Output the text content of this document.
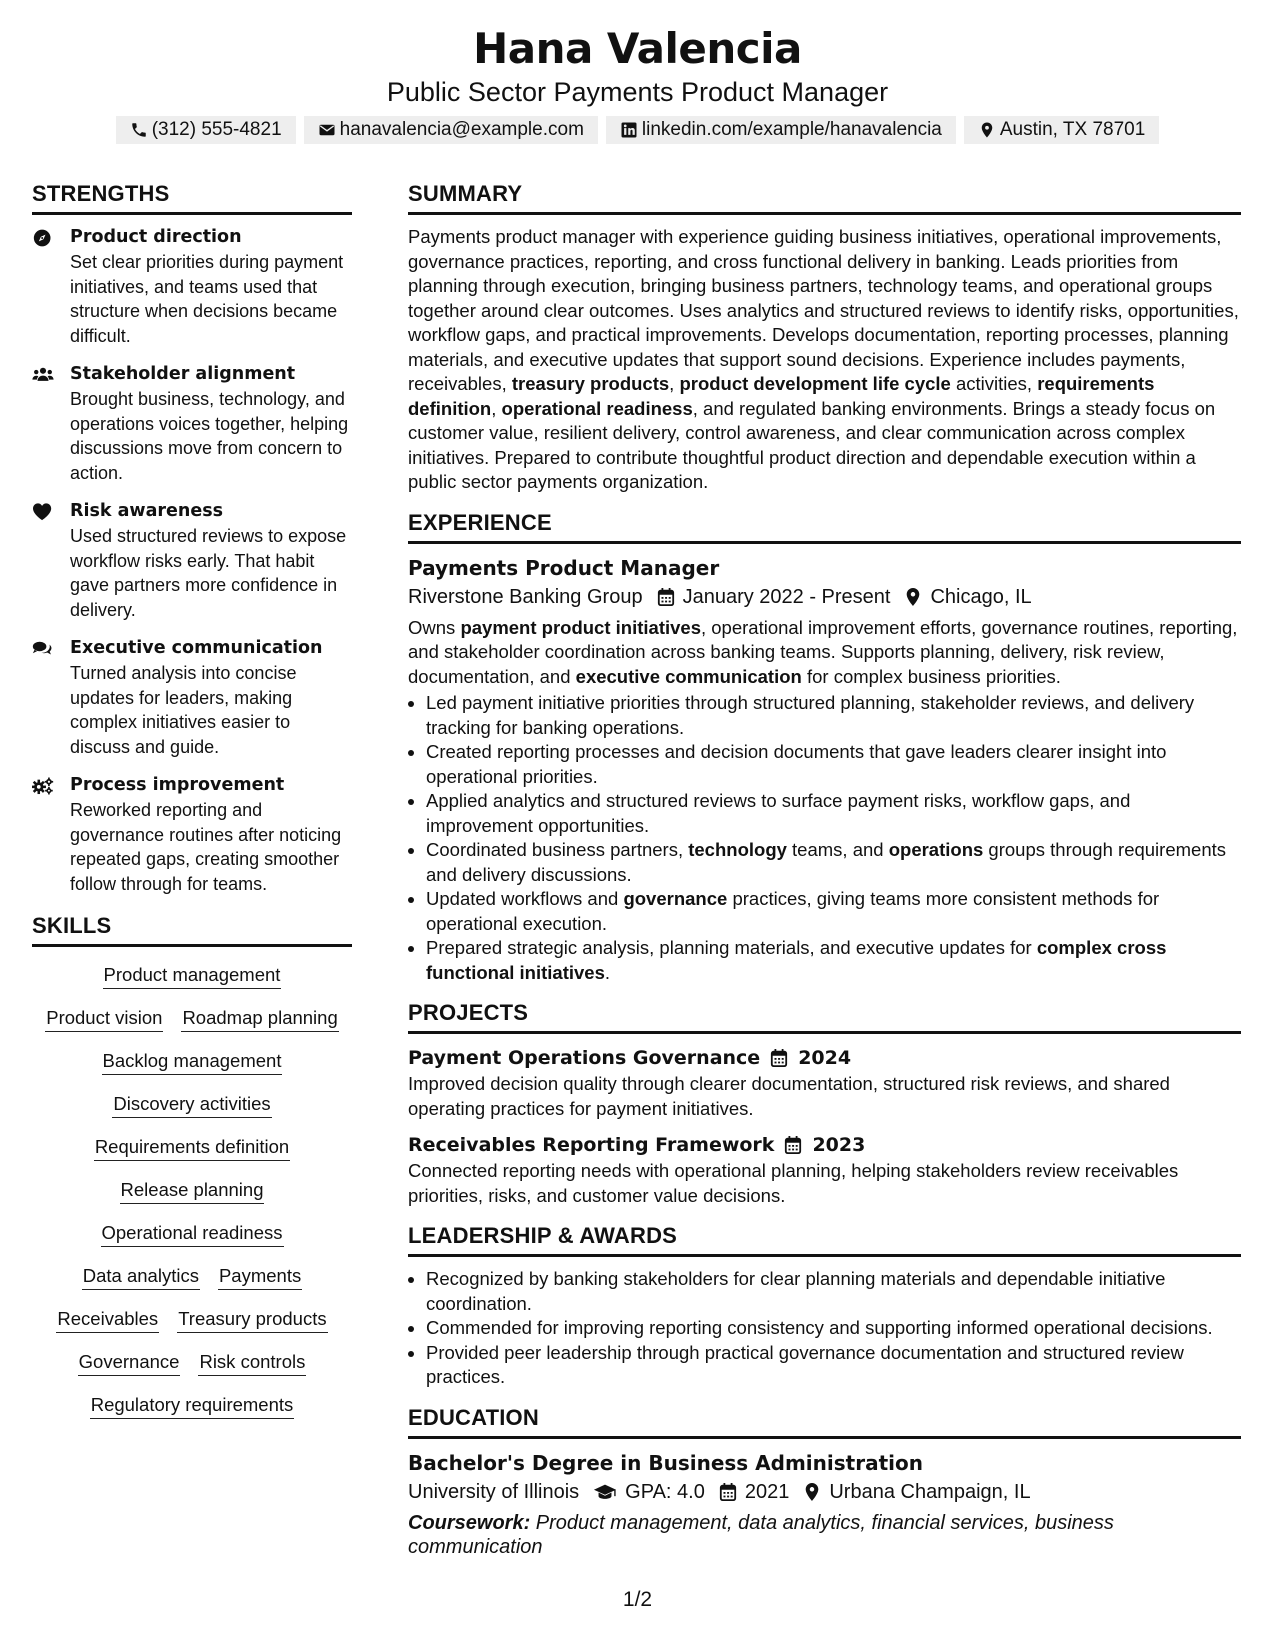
Hana Valencia
Public Sector Payments Product Manager
(312) 555-4821	hanavalencia@example.com	linkedin.com/example/hanavalencia	Austin, TX 78701
STRENGTHS
Product direction
Set clear priorities during payment initiatives, and teams used that structure when decisions became difficult.
Stakeholder alignment
Brought business, technology, and operations voices together, helping discussions move from concern to action.
Risk awareness
Used structured reviews to expose workflow risks early. That habit gave partners more confidence in delivery.
Executive communication
Turned analysis into concise updates for leaders, making complex initiatives easier to discuss and guide.
Process improvement
Reworked reporting and governance routines after noticing repeated gaps, creating smoother follow through for teams.
SKILLS
Product management
Product vision Roadmap planning
Backlog management
Discovery activities
Requirements definition
Release planning
Operational readiness
Data analytics Payments
Receivables Treasury products
Governance Risk controls
Regulatory requirements
SUMMARY
Payments product manager with experience guiding business initiatives, operational improvements, governance practices, reporting, and cross functional delivery in banking. Leads priorities from planning through execution, bringing business partners, technology teams, and operational groups together around clear outcomes. Uses analytics and structured reviews to identify risks, opportunities, workflow gaps, and practical improvements. Develops documentation, reporting processes, planning materials, and executive updates that support sound decisions. Experience includes payments, receivables, treasury products, product development life cycle activities, requirements definition, operational readiness, and regulated banking environments. Brings a steady focus on customer value, resilient delivery, control awareness, and clear communication across complex initiatives. Prepared to contribute thoughtful product direction and dependable execution within a public sector payments organization.
EXPERIENCE
Payments Product Manager
Riverstone Banking Group January 2022 - Present Chicago, IL
Owns payment product initiatives, operational improvement efforts, governance routines, reporting, and stakeholder coordination across banking teams. Supports planning, delivery, risk review, documentation, and executive communication for complex business priorities.
• Led payment initiative priorities through structured planning, stakeholder reviews, and delivery tracking for banking operations.
• Created reporting processes and decision documents that gave leaders clearer insight into operational priorities.
• Applied analytics and structured reviews to surface payment risks, workflow gaps, and improvement opportunities.
• Coordinated business partners, technology teams, and operations groups through requirements and delivery discussions.
• Updated workflows and governance practices, giving teams more consistent methods for operational execution.
• Prepared strategic analysis, planning materials, and executive updates for complex cross functional initiatives.
PROJECTS
Payment Operations Governance 2024
Improved decision quality through clearer documentation, structured risk reviews, and shared operating practices for payment initiatives.
Receivables Reporting Framework 2023
Connected reporting needs with operational planning, helping stakeholders review receivables priorities, risks, and customer value decisions.
LEADERSHIP & AWARDS
• Recognized by banking stakeholders for clear planning materials and dependable initiative coordination.
• Commended for improving reporting consistency and supporting informed operational decisions.
• Provided peer leadership through practical governance documentation and structured review practices.
EDUCATION
Bachelor's Degree in Business Administration
University of Illinois GPA: 4.0 2021 Urbana Champaign, IL
Coursework: Product management, data analytics, financial services, business communication
1/2
